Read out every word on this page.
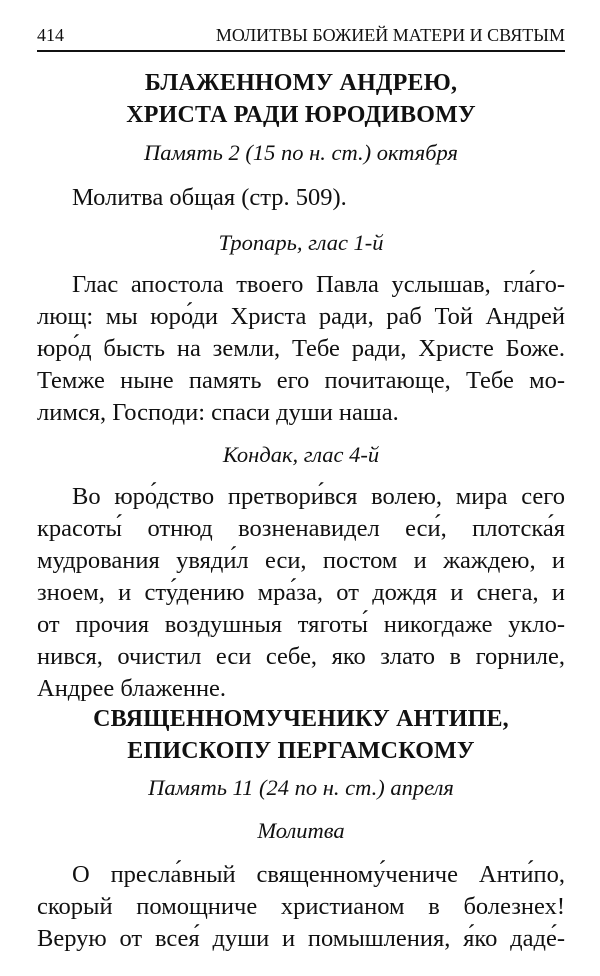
414	МОЛИТВЫ БОЖИЕЙ МАТЕРИ И СВЯТЫМ
БЛАЖЕННОМУ АНДРЕЮ,
ХРИСТА РАДИ ЮРОДИВОМУ
Память 2 (15 по н. ст.) октября
Молитва общая (стр. 509).
Тропарь, глас 1-й
Глас апостола твоего Павла услышав, гла́го-
лющ: мы юро́ди Христа ради, раб Той Андрей
юро́д бысть на земли, Тебе ради, Христе Боже.
Темже ныне память его почитающе, Тебе мо-
лимся, Господи: спаси души наша.
Кондак, глас 4-й
Во юро́дство претвори́вся волею, мира сего
красоты́ отнюд возненавидел еси́, плотска́я
мудрования увяди́л еси, постом и жаждею, и
зноем, и сту́дению мра́за, от дождя и снега, и
от прочия воздушныя тяготы́ никогдаже укло-
нився, очистил еси себе, яко злато в горниле,
Андрее блаженне.
СВЯЩЕННОМУЧЕНИКУ АНТИПЕ,
ЕПИСКОПУ ПЕРГАМСКОМУ
Память 11 (24 по н. ст.) апреля
Молитва
О пресла́вный священному́чениче Анти́по,
скорый помощниче христианом в болезнех!
Верую от всея́ души и помышления, я́ко даде́-
